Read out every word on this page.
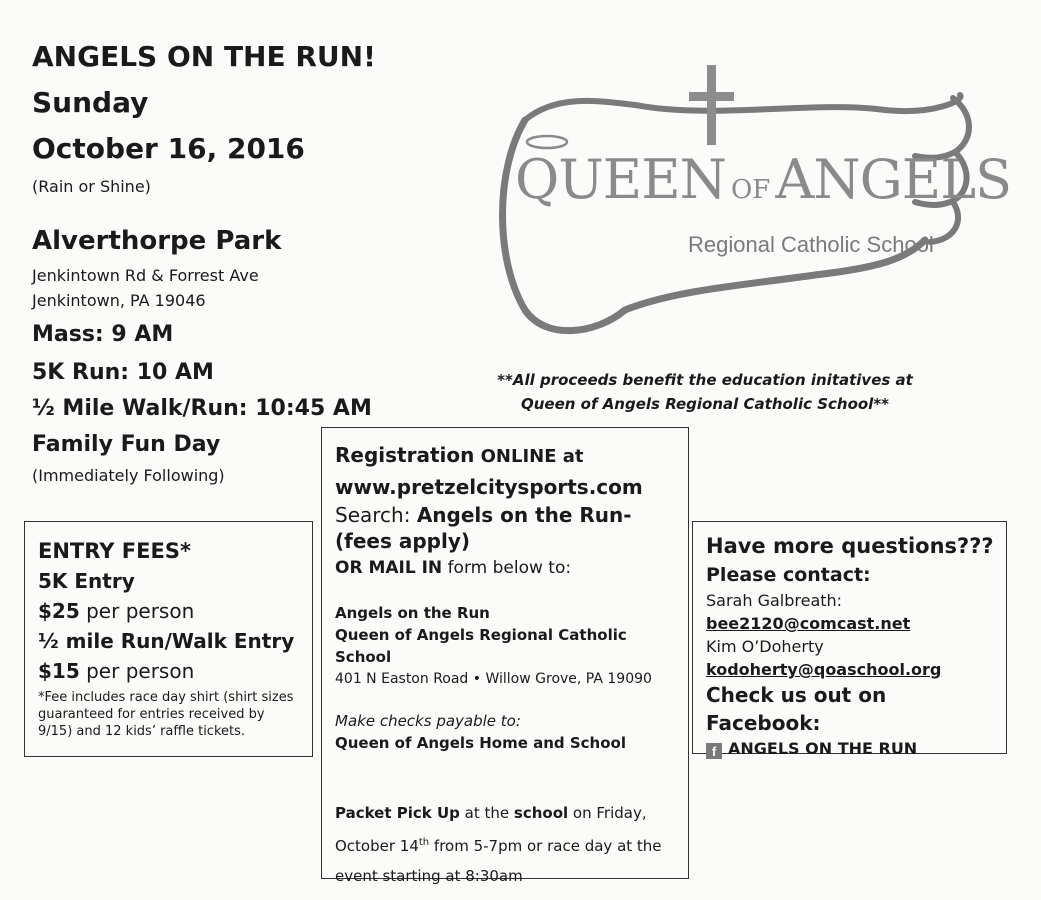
ANGELS ON THE RUN!
Sunday
October 16, 2016
(Rain or Shine)
Alverthorpe Park
Jenkintown Rd & Forrest Ave
Jenkintown, PA 19046
Mass: 9 AM
5K Run: 10 AM
½ Mile Walk/Run: 10:45 AM
Family Fun Day
(Immediately Following)
QUEEN OF ANGELS
Regional Catholic School
**All proceeds benefit the education initatives at
Queen of Angels Regional Catholic School**
ENTRY FEES*
5K Entry
$25 per person
½ mile Run/Walk Entry
$15 per person
*Fee includes race day shirt (shirt sizes guaranteed for entries received by 9/15) and 12 kids’ raffle tickets.
Registration ONLINE at
www.pretzelcitysports.com
Search: Angels on the Run- (fees apply)
OR MAIL IN form below to:
Angels on the Run
Queen of Angels Regional Catholic School
401 N Easton Road • Willow Grove, PA 19090
Make checks payable to:
Queen of Angels Home and School
Packet Pick Up at the school on Friday,
October 14th from 5-7pm or race day at the
event starting at 8:30am
Have more questions???
Please contact:
Sarah Galbreath:
bee2120@comcast.net
Kim O’Doherty
kodoherty@qoaschool.org
Check us out on Facebook:
f ANGELS ON THE RUN
